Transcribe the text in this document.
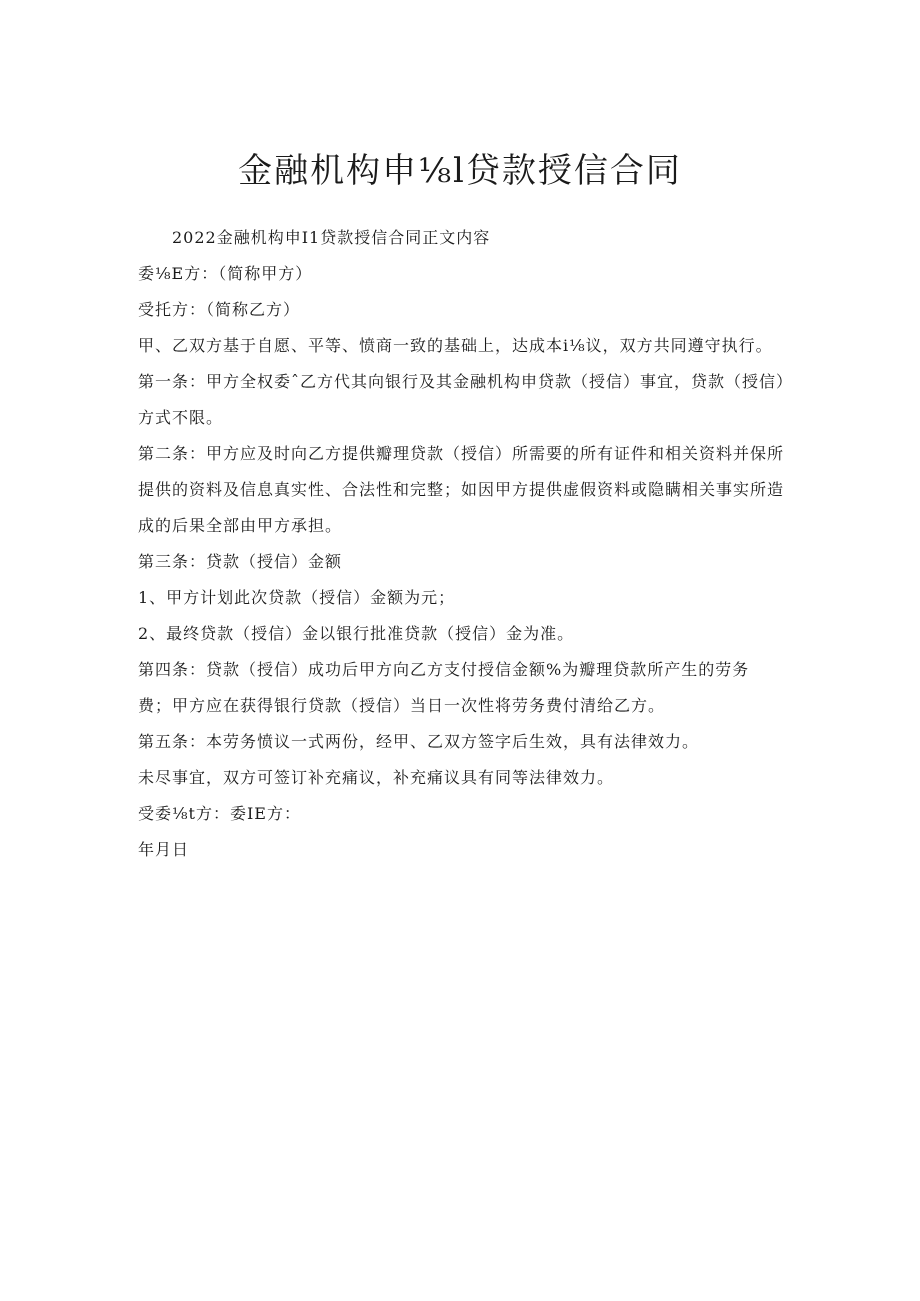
金融机构申⅛l贷款授信合同

2022金融机构申I1贷款授信合同正文内容

委⅛E方：（简称甲方）

受托方：（简称乙方）

甲、乙双方基于自愿、平等、愤商一致的基础上，达成本i⅛议，双方共同遵守执行。

第一条：甲方全权委ˆ乙方代其向银行及其金融机构申贷款（授信）事宜，贷款（授信）

方式不限。

第二条：甲方应及时向乙方提供瓣理贷款（授信）所需要的所有证件和相关资料并保所

提供的资料及信息真实性、合法性和完整；如因甲方提供虚假资料或隐瞒相关事实所造

成的后果全部由甲方承担。

第三条：贷款（授信）金额

1、甲方计划此次贷款（授信）金额为元；

2、最终贷款（授信）金以银行批准贷款（授信）金为准。

第四条：贷款（授信）成功后甲方向乙方支付授信金额%为瓣理贷款所产生的劳务

费；甲方应在获得银行贷款（授信）当日一次性将劳务费付清给乙方。

第五条：本劳务愤议一式两份，经甲、乙双方签字后生效，具有法律效力。

未尽事宜，双方可签订补充痛议，补充痛议具有同等法律效力。

受委⅛t方：委IE方：

年月日
